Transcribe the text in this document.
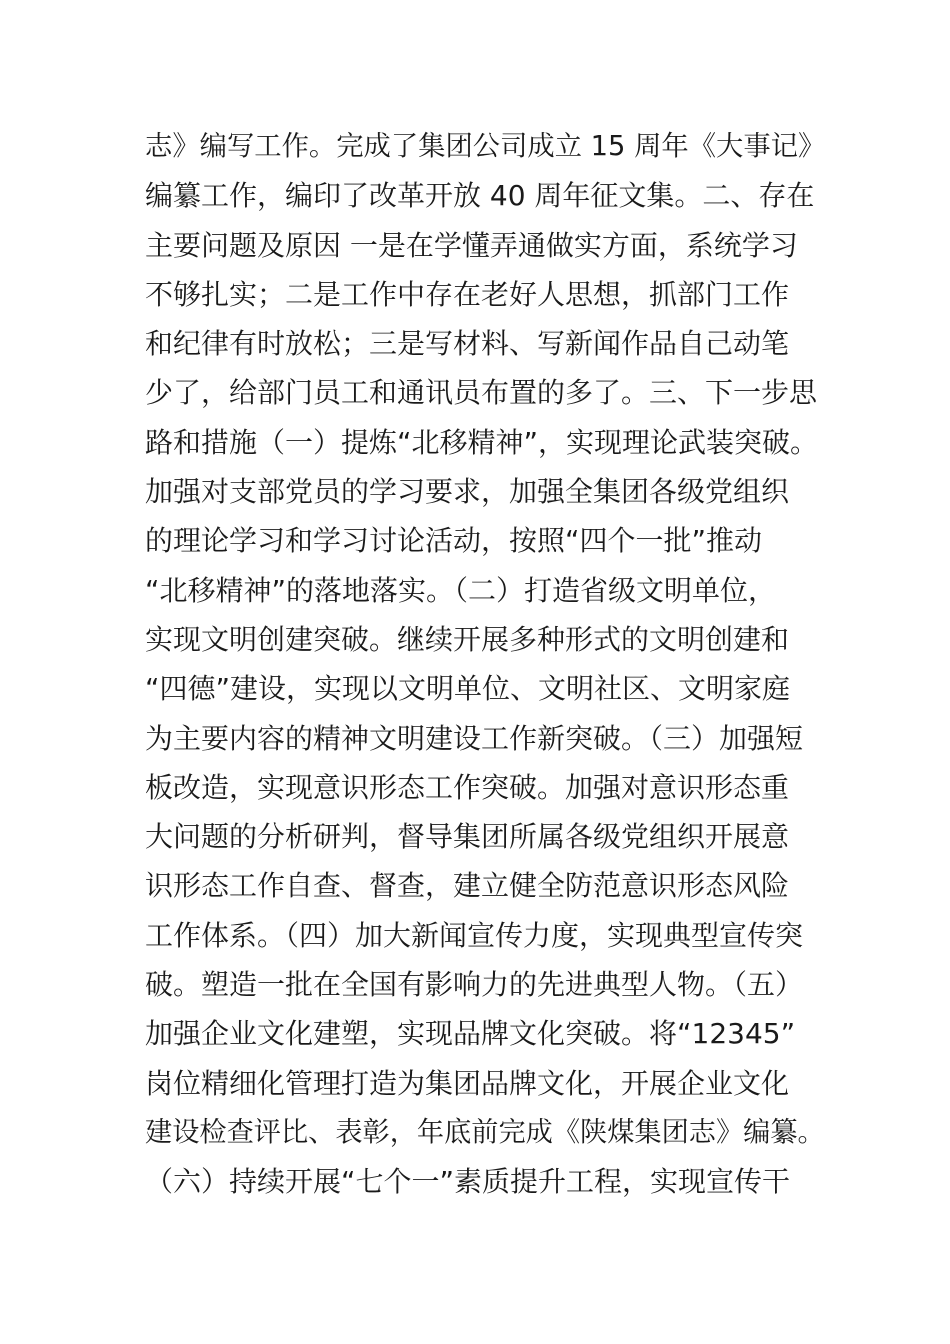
志》编写工作。完成了集团公司成立 15 周年《大事记》
编纂工作，编印了改革开放 40 周年征文集。二、存在
主要问题及原因 一是在学懂弄通做实方面，系统学习
不够扎实；二是工作中存在老好人思想，抓部门工作
和纪律有时放松；三是写材料、写新闻作品自己动笔
少了，给部门员工和通讯员布置的多了。三、下一步思
路和措施（一）提炼“北移精神”，实现理论武装突破。
加强对支部党员的学习要求，加强全集团各级党组织
的理论学习和学习讨论活动，按照“四个一批”推动
“北移精神”的落地落实。（二）打造省级文明单位，
实现文明创建突破。继续开展多种形式的文明创建和
“四德”建设，实现以文明单位、文明社区、文明家庭
为主要内容的精神文明建设工作新突破。（三）加强短
板改造，实现意识形态工作突破。加强对意识形态重
大问题的分析研判，督导集团所属各级党组织开展意
识形态工作自查、督查，建立健全防范意识形态风险
工作体系。（四）加大新闻宣传力度，实现典型宣传突
破。塑造一批在全国有影响力的先进典型人物。（五）
加强企业文化建塑，实现品牌文化突破。将“12345”
岗位精细化管理打造为集团品牌文化，开展企业文化
建设检查评比、表彰，年底前完成《陕煤集团志》编纂。
（六）持续开展“七个一”素质提升工程，实现宣传干
